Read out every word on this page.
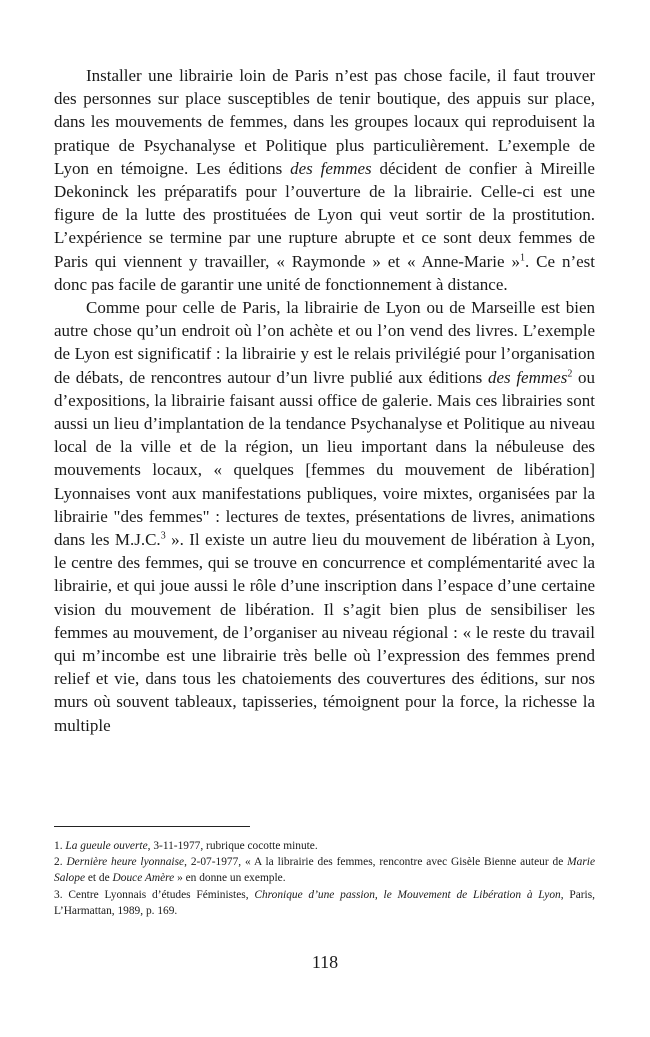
Installer une librairie loin de Paris n’est pas chose facile, il faut trouver des personnes sur place susceptibles de tenir boutique, des appuis sur place, dans les mouvements de femmes, dans les groupes locaux qui reproduisent la pratique de Psychanalyse et Politique plus particulièrement. L’exemple de Lyon en témoigne. Les éditions des femmes décident de confier à Mireille Dekoninck les préparatifs pour l’ouverture de la librairie. Celle-ci est une figure de la lutte des prostituées de Lyon qui veut sortir de la prostitution. L’expérience se termine par une rupture abrupte et ce sont deux femmes de Paris qui viennent y travailler, « Raymonde » et « Anne-Marie »$^1$. Ce n’est donc pas facile de garantir une unité de fonctionnement à distance.

Comme pour celle de Paris, la librairie de Lyon ou de Marseille est bien autre chose qu’un endroit où l’on achète et ou l’on vend des livres. L’exemple de Lyon est significatif : la librairie y est le relais privilégié pour l’organisation de débats, de rencontres autour d’un livre publié aux éditions des femmes$^2$ ou d’expositions, la librairie faisant aussi office de galerie. Mais ces librairies sont aussi un lieu d’implantation de la tendance Psychanalyse et Politique au niveau local de la ville et de la région, un lieu important dans la nébuleuse des mouvements locaux, « quelques [femmes du mouvement de libération] Lyonnaises vont aux manifestations publiques, voire mixtes, organisées par la librairie "des femmes" : lectures de textes, présentations de livres, animations dans les M.J.C.$^3$ ». Il existe un autre lieu du mouvement de libération à Lyon, le centre des femmes, qui se trouve en concurrence et complémentarité avec la librairie, et qui joue aussi le rôle d’une inscription dans l’espace d’une certaine vision du mouvement de libération. Il s’agit bien plus de sensibiliser les femmes au mouvement, de l’organiser au niveau régional : « le reste du travail qui m’incombe est une librairie très belle où l’expression des femmes prend relief et vie, dans tous les chatoiements des couvertures des éditions, sur nos murs où souvent tableaux, tapisseries, témoignent pour la force, la richesse la multiple

1. La gueule ouverte, 3-11-1977, rubrique cocotte minute.

2. Dernière heure lyonnaise, 2-07-1977, « A la librairie des femmes, rencontre avec Gisèle Bienne auteur de Marie Salope et de Douce Amère » en donne un exemple.

3. Centre Lyonnais d’études Féministes, Chronique d’une passion, le Mouvement de Libération à Lyon, Paris, L’Harmattan, 1989, p. 169.

118
